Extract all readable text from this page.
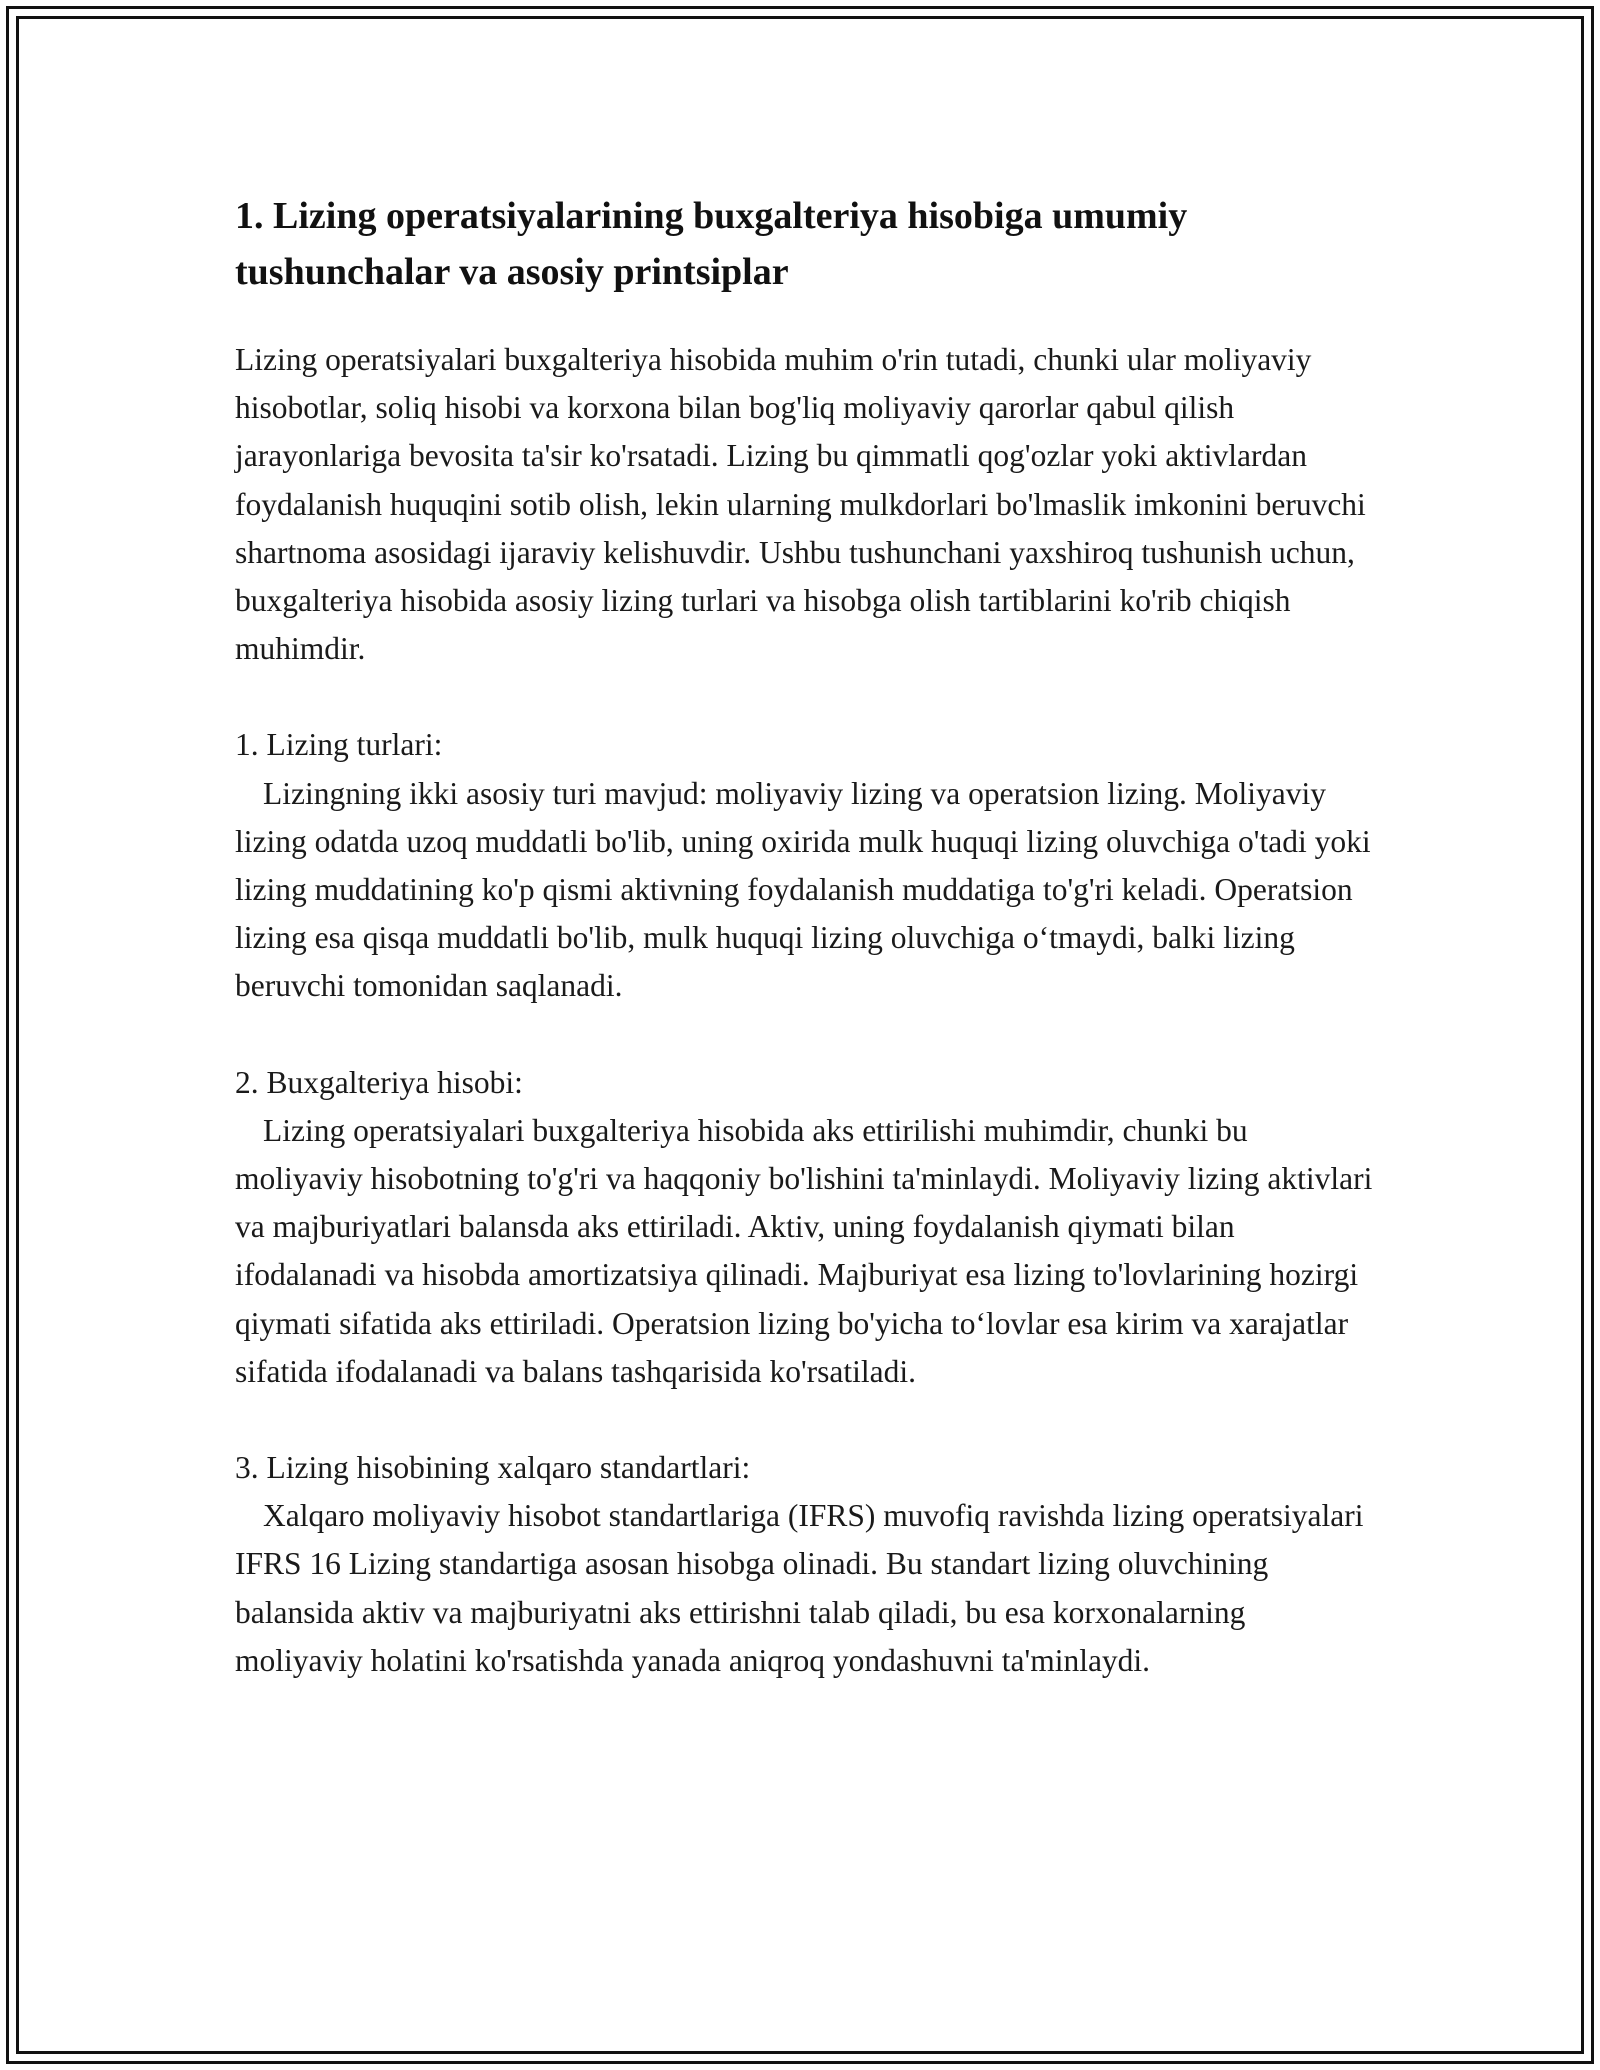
1. Lizing operatsiyalarining buxgalteriya hisobiga umumiy tushunchalar va asosiy printsiplar

Lizing operatsiyalari buxgalteriya hisobida muhim o'rin tutadi, chunki ular moliyaviy hisobotlar, soliq hisobi va korxona bilan bog'liq moliyaviy qarorlar qabul qilish jarayonlariga bevosita ta'sir ko'rsatadi. Lizing bu qimmatli qog'ozlar yoki aktivlardan foydalanish huquqini sotib olish, lekin ularning mulkdorlari bo'lmaslik imkonini beruvchi shartnoma asosidagi ijaraviy kelishuvdir. Ushbu tushunchani yaxshiroq tushunish uchun, buxgalteriya hisobida asosiy lizing turlari va hisobga olish tartiblarini ko'rib chiqish muhimdir.

1. Lizing turlari:

Lizingning ikki asosiy turi mavjud: moliyaviy lizing va operatsion lizing. Moliyaviy lizing odatda uzoq muddatli bo'lib, uning oxirida mulk huquqi lizing oluvchiga o'tadi yoki lizing muddatining ko'p qismi aktivning foydalanish muddatiga to'g'ri keladi. Operatsion lizing esa qisqa muddatli bo'lib, mulk huquqi lizing oluvchiga o‘tmaydi, balki lizing beruvchi tomonidan saqlanadi.

2. Buxgalteriya hisobi:

Lizing operatsiyalari buxgalteriya hisobida aks ettirilishi muhimdir, chunki bu moliyaviy hisobotning to'g'ri va haqqoniy bo'lishini ta'minlaydi. Moliyaviy lizing aktivlari va majburiyatlari balansda aks ettiriladi. Aktiv, uning foydalanish qiymati bilan ifodalanadi va hisobda amortizatsiya qilinadi. Majburiyat esa lizing to'lovlarining hozirgi qiymati sifatida aks ettiriladi. Operatsion lizing bo'yicha to‘lovlar esa kirim va xarajatlar sifatida ifodalanadi va balans tashqarisida ko'rsatiladi.

3. Lizing hisobining xalqaro standartlari:

Xalqaro moliyaviy hisobot standartlariga (IFRS) muvofiq ravishda lizing operatsiyalari IFRS 16 Lizing standartiga asosan hisobga olinadi. Bu standart lizing oluvchining balansida aktiv va majburiyatni aks ettirishni talab qiladi, bu esa korxonalarning moliyaviy holatini ko'rsatishda yanada aniqroq yondashuvni ta'minlaydi.
